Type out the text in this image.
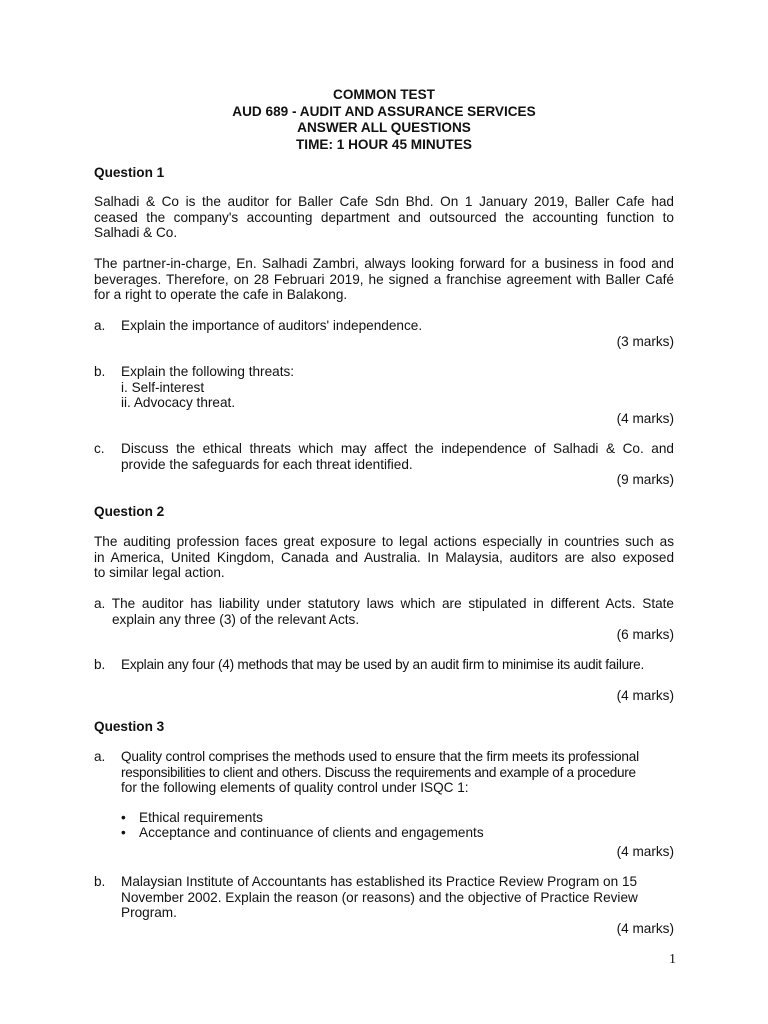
COMMON TEST
AUD 689 - AUDIT AND ASSURANCE SERVICES
ANSWER ALL QUESTIONS
TIME: 1 HOUR 45 MINUTES
Question 1
Salhadi & Co is the auditor for Baller Cafe Sdn Bhd. On 1 January 2019, Baller Cafe had
ceased the company's accounting department and outsourced the accounting function to
Salhadi & Co.
The partner-in-charge, En. Salhadi Zambri, always looking forward for a business in food and
beverages. Therefore, on 28 Februari 2019, he signed a franchise agreement with Baller Café
for a right to operate the cafe in Balakong.
a. Explain the importance of auditors' independence.
(3 marks)
b. Explain the following threats:
i. Self-interest
ii. Advocacy threat.
(4 marks)
c. Discuss the ethical threats which may affect the independence of Salhadi & Co. and
provide the safeguards for each threat identified.
(9 marks)
Question 2
The auditing profession faces great exposure to legal actions especially in countries such as
in America, United Kingdom, Canada and Australia. In Malaysia, auditors are also exposed
to similar legal action.
a. The auditor has liability under statutory laws which are stipulated in different Acts. State
explain any three (3) of the relevant Acts.
(6 marks)
b. Explain any four (4) methods that may be used by an audit firm to minimise its audit failure.
(4 marks)
Question 3
a. Quality control comprises the methods used to ensure that the firm meets its professional
responsibilities to client and others. Discuss the requirements and example of a procedure
for the following elements of quality control under ISQC 1:
• Ethical requirements
• Acceptance and continuance of clients and engagements
(4 marks)
b. Malaysian Institute of Accountants has established its Practice Review Program on 15
November 2002. Explain the reason (or reasons) and the objective of Practice Review
Program.
(4 marks)
1
